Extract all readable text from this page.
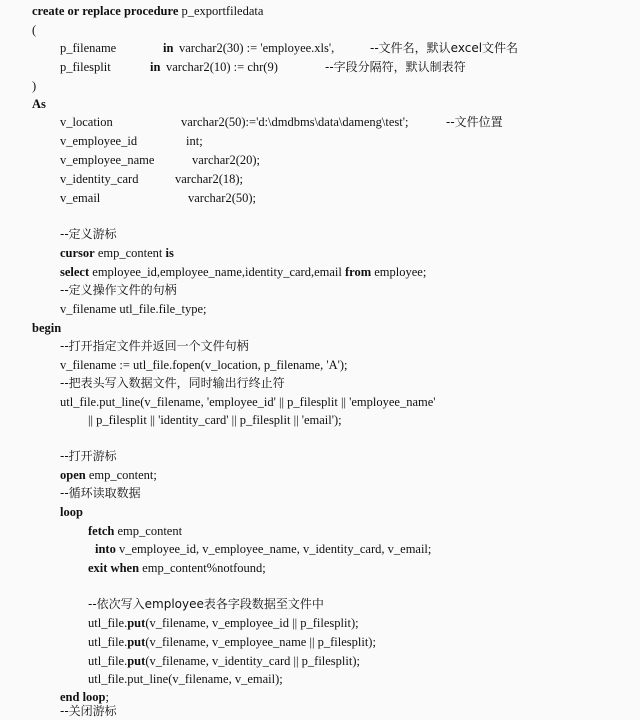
create or replace procedure p_exportfiledata
(
p_filename	in varchar2(30) := 'employee.xls',	--文件名，默认excel文件名
p_filesplit	in varchar2(10) := chr(9)	--字段分隔符，默认制表符
)
As
v_location	varchar2(50):='d:\dmdbms\data\dameng\test';	--文件位置
v_employee_id	int;
v_employee_name	varchar2(20);
v_identity_card	varchar2(18);
v_email	varchar2(50);
--定义游标
cursor emp_content is
select employee_id,employee_name,identity_card,email from employee;
--定义操作文件的句柄
v_filename utl_file.file_type;
begin
--打开指定文件并返回一个文件句柄
v_filename := utl_file.fopen(v_location, p_filename, 'A');
--把表头写入数据文件，同时输出行终止符
utl_file.put_line(v_filename, 'employee_id' || p_filesplit || 'employee_name'
|| p_filesplit || 'identity_card' || p_filesplit || 'email');
--打开游标
open emp_content;
--循环读取数据
loop
fetch emp_content
into v_employee_id, v_employee_name, v_identity_card, v_email;
exit when emp_content%notfound;
--依次写入employee表各字段数据至文件中
utl_file.put(v_filename, v_employee_id || p_filesplit);
utl_file.put(v_filename, v_employee_name || p_filesplit);
utl_file.put(v_filename, v_identity_card || p_filesplit);
utl_file.put_line(v_filename, v_email);
end loop;
--关闭游标
